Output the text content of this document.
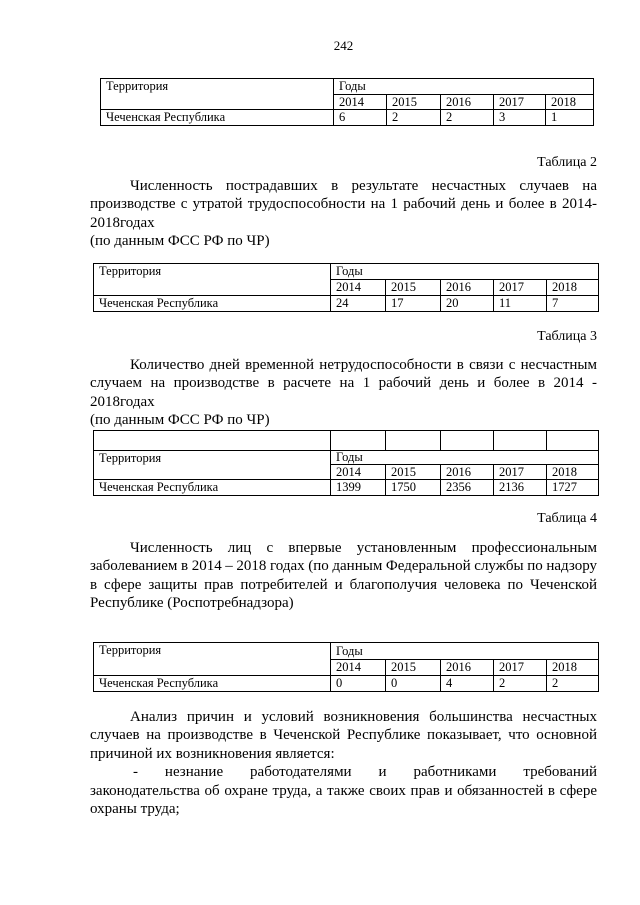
242
Территория	Годы				
	2014	2015	2016	2017	2018
Чеченская Республика	6	2	2	3	1
Таблица 2
Численность пострадавших в результате несчастных случаев на
производстве с утратой трудоспособности на 1 рабочий день и более в 2014-
2018годах
(по данным ФСС РФ по ЧР)
Территория	Годы				
	2014	2015	2016	2017	2018
Чеченская Республика	24	17	20	11	7
Таблица 3
Количество дней временной нетрудоспособности в связи с несчастным
случаем на производстве в расчете на 1 рабочий день и более в 2014 -
2018годах
(по данным ФСС РФ по ЧР)

Территория	Годы				
	2014	2015	2016	2017	2018
Чеченская Республика	1399	1750	2356	2136	1727
Таблица 4
Численность лиц с впервые установленным профессиональным
заболеванием в 2014 – 2018 годах (по данным Федеральной службы по надзору
в сфере защиты прав потребителей и благополучия человека по Чеченской
Республике (Роспотребнадзора)
Территория	Годы				
	2014	2015	2016	2017	2018
Чеченская Республика	0	0	4	2	2
Анализ причин и условий возникновения большинства несчастных
случаев на производстве в Чеченской Республике показывает, что основной
причиной их возникновения является:
- незнание работодателями и работниками требований
законодательства об охране труда, а также своих прав и обязанностей в сфере
охраны труда;
